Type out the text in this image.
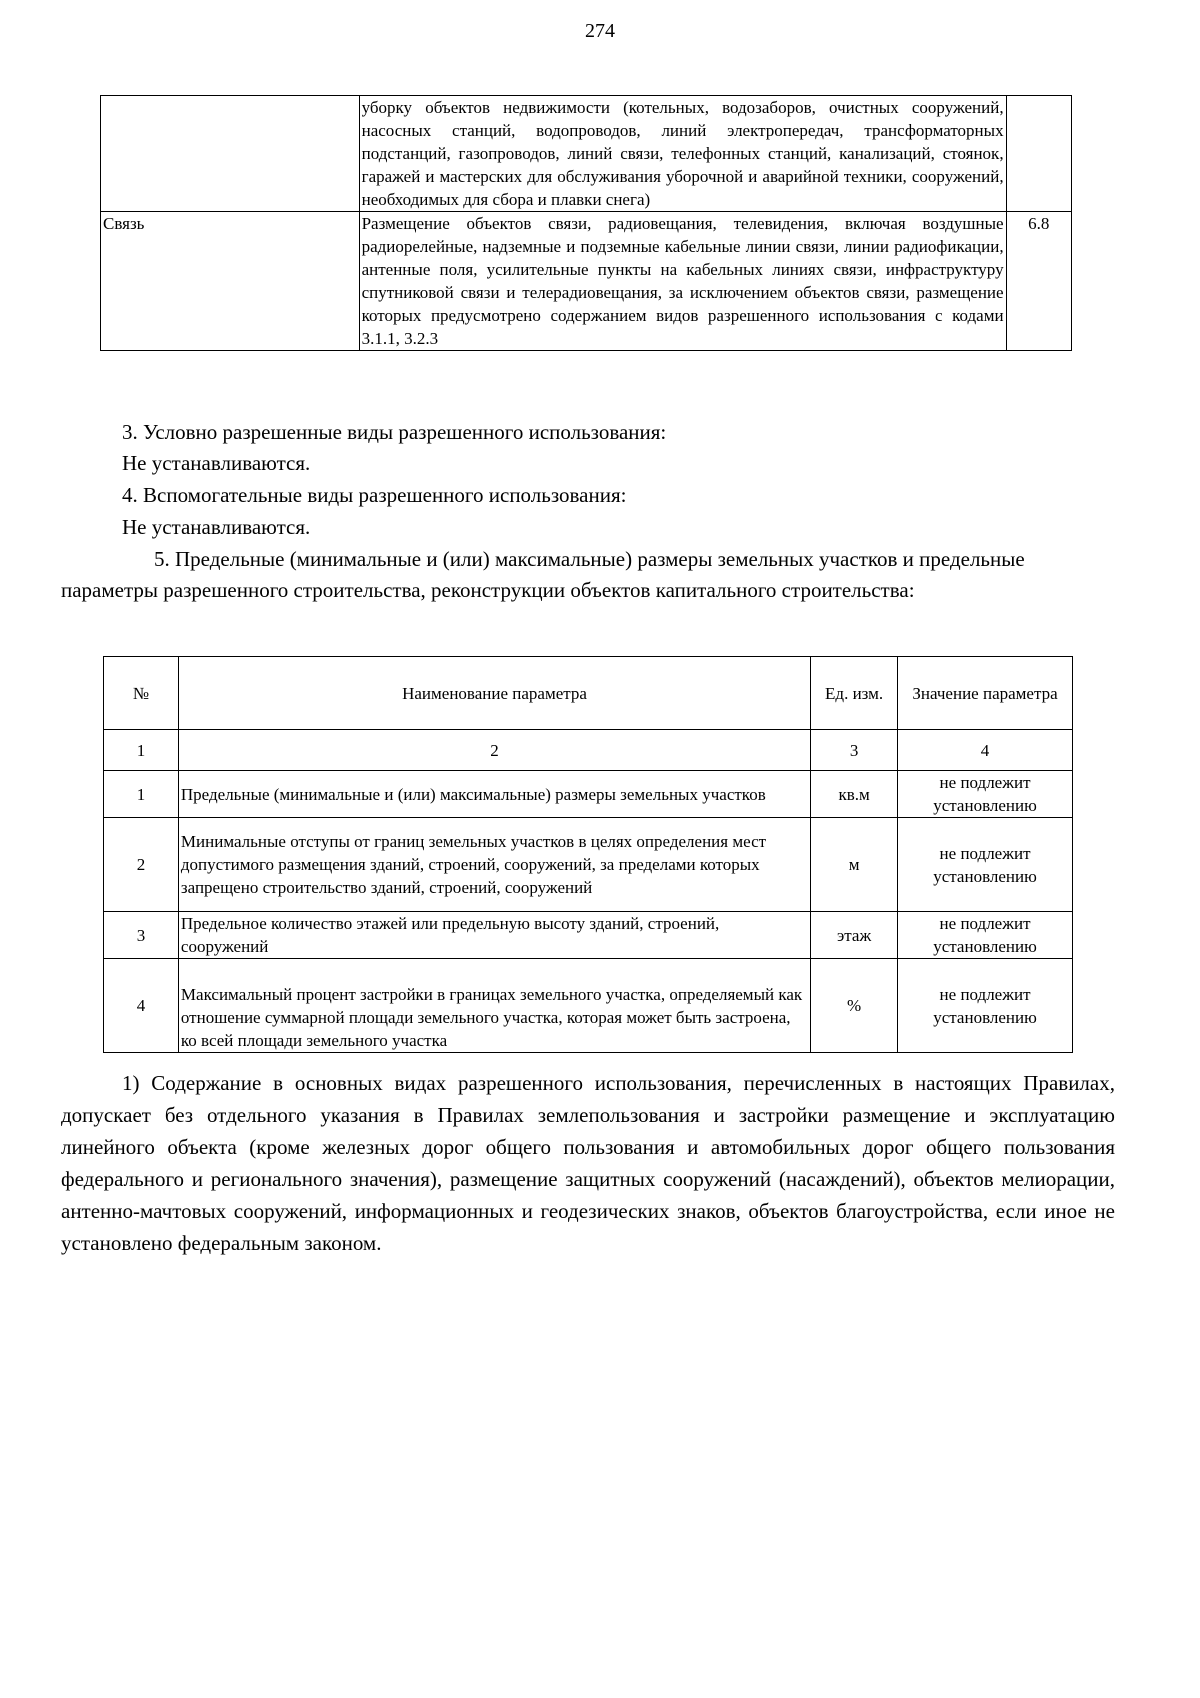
274
	уборку объектов недвижимости (котельных, водозаборов, очистных сооружений, насосных станций, водопроводов, линий электропередач, трансформаторных подстанций, газопроводов, линий связи, телефонных станций, канализаций, стоянок, гаражей и мастерских для обслуживания уборочной и аварийной техники, сооружений, необходимых для сбора и плавки снега)	
Связь	Размещение объектов связи, радиовещания, телевидения, включая воздушные радиорелейные, надземные и подземные кабельные линии связи, линии радиофикации, антенные поля, усилительные пункты на кабельных линиях связи, инфраструктуру спутниковой связи и телерадиовещания, за исключением объектов связи, размещение которых предусмотрено содержанием видов разрешенного использования с кодами 3.1.1, 3.2.3	6.8

3. Условно разрешенные виды разрешенного использования:

Не устанавливаются.

4. Вспомогательные виды разрешенного использования:

Не устанавливаются.

5. Предельные (минимальные и (или) максимальные) размеры земельных участков и предельные параметры разрешенного строительства, реконструкции объектов капитального строительства:

№	Наименование параметра	Ед. изм.	Значение параметра
1	2	3	4
1	Предельные (минимальные и (или) максимальные) размеры земельных участков	кв.м	не подлежит установлению
2	Минимальные отступы от границ земельных участков в целях определения мест допустимого размещения зданий, строений, сооружений, за пределами которых запрещено строительство зданий, строений, сооружений	м	не подлежит установлению
3	Предельное количество этажей или предельную высоту зданий, строений, сооружений	этаж	не подлежит установлению
4	Максимальный процент застройки в границах земельного участка, определяемый как отношение суммарной площади земельного участка, которая может быть застроена, ко всей площади земельного участка	%	не подлежит установлению

1) Содержание в основных видах разрешенного использования, перечисленных в настоящих Правилах, допускает без отдельного указания в Правилах землепользования и застройки размещение и эксплуатацию линейного объекта (кроме железных дорог общего пользования и автомобильных дорог общего пользования федерального и регионального значения), размещение защитных сооружений (насаждений), объектов мелиорации, антенно-мачтовых сооружений, информационных и геодезических знаков, объектов благоустройства, если иное не установлено федеральным законом.
